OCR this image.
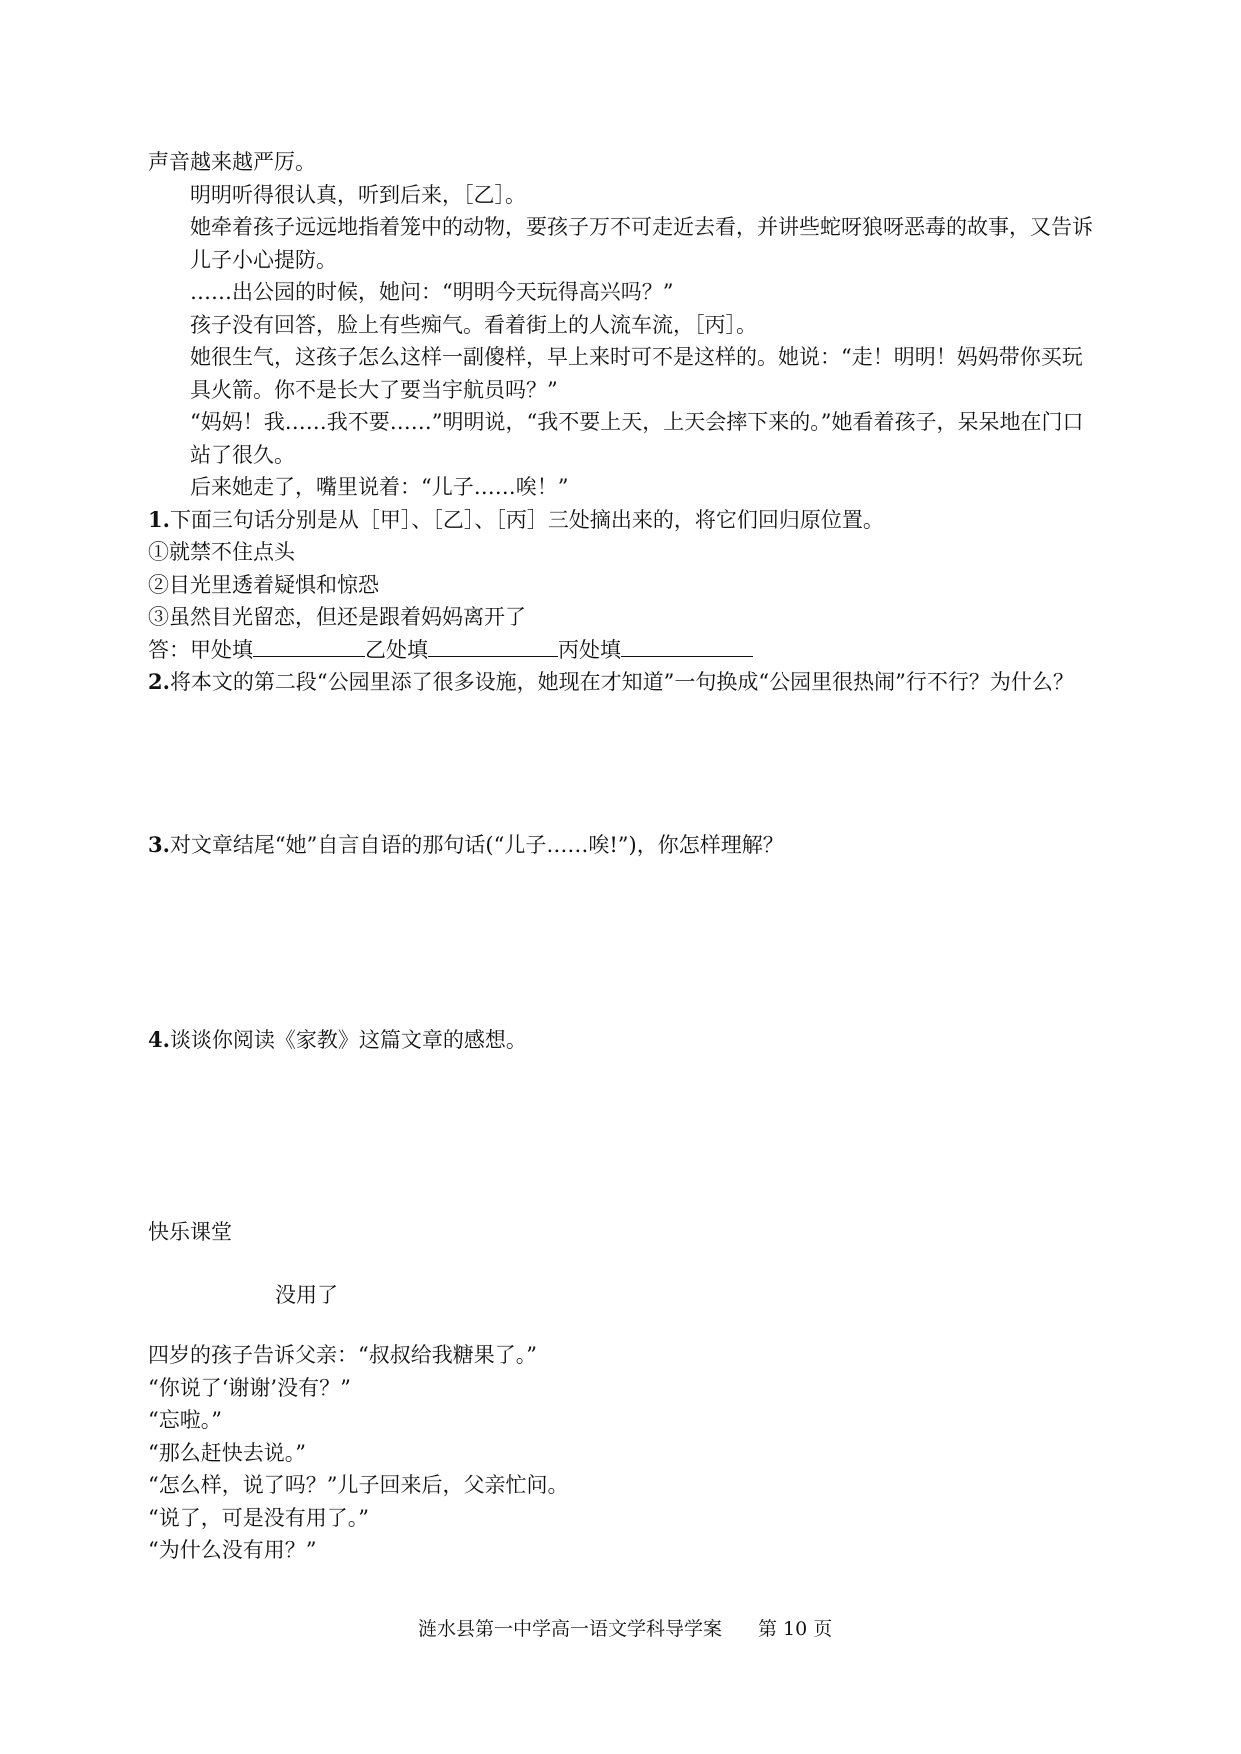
声音越来越严厉。
明明听得很认真，听到后来，［乙］。
她牵着孩子远远地指着笼中的动物，要孩子万不可走近去看，并讲些蛇呀狼呀恶毒的故事，又告诉儿子小心提防。
……出公园的时候，她问：“明明今天玩得高兴吗？”
孩子没有回答，脸上有些痴气。看着街上的人流车流，［丙］。
她很生气，这孩子怎么这样一副傻样，早上来时可不是这样的。她说：“走！明明！妈妈带你买玩具火箭。你不是长大了要当宇航员吗？”
“妈妈！我……我不要……”明明说，“我不要上天，上天会摔下来的。”她看着孩子，呆呆地在门口站了很久。
后来她走了，嘴里说着：“儿子……唉！”
1.下面三句话分别是从［甲］、［乙］、［丙］三处摘出来的，将它们回归原位置。
①就禁不住点头
②目光里透着疑惧和惊恐
③虽然目光留恋，但还是跟着妈妈离开了
答：甲处填	乙处填	丙处填
2.将本文的第二段“公园里添了很多设施，她现在才知道”一句换成“公园里很热闹”行不行？为什么？
3.对文章结尾“她”自言自语的那句话(“儿子……唉!”)，你怎样理解？
4.谈谈你阅读《家教》这篇文章的感想。
快乐课堂
没用了
四岁的孩子告诉父亲：“叔叔给我糖果了。”
“你说了‘谢谢’没有？”
“忘啦。”
“那么赶快去说。”
“怎么样，说了吗？”儿子回来后，父亲忙问。
“说了，可是没有用了。”
“为什么没有用？”
涟水县第一中学高一语文学科导学案 第 10 页
